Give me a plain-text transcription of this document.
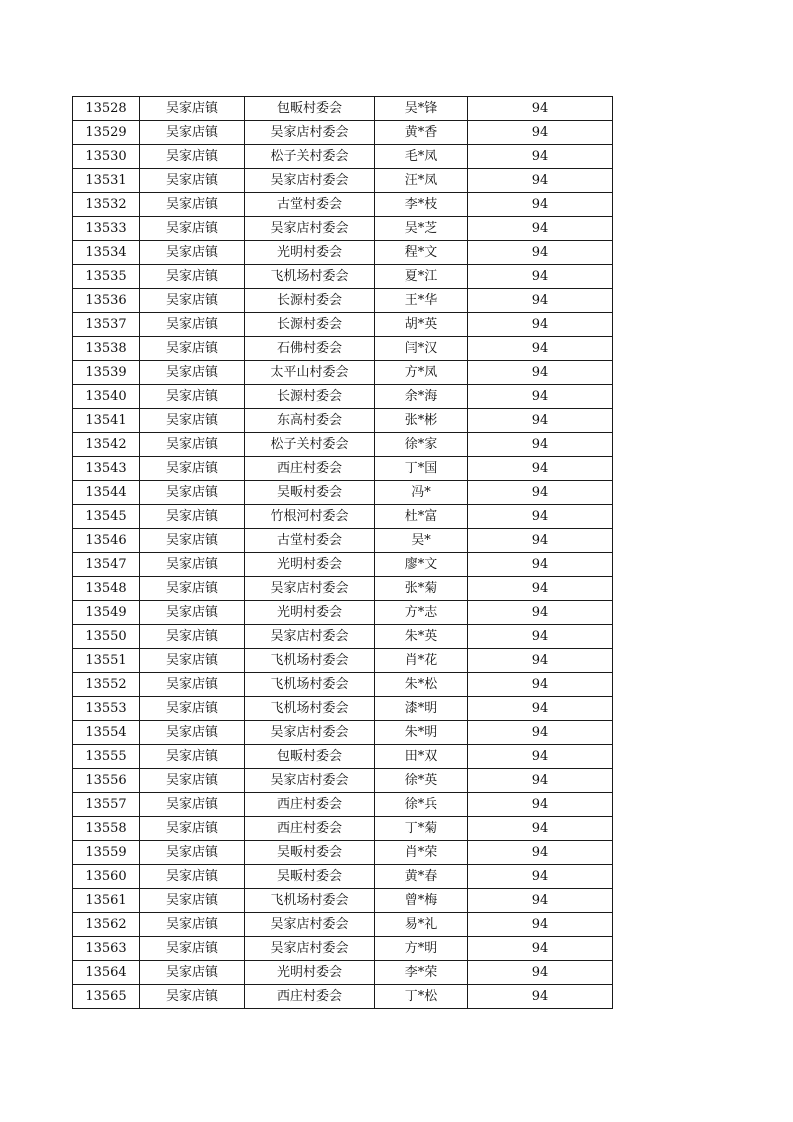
13528	吴家店镇	包畈村委会	吴*锋	94
13529	吴家店镇	吴家店村委会	黄*香	94
13530	吴家店镇	松子关村委会	毛*凤	94
13531	吴家店镇	吴家店村委会	汪*凤	94
13532	吴家店镇	古堂村委会	李*枝	94
13533	吴家店镇	吴家店村委会	吴*芝	94
13534	吴家店镇	光明村委会	程*文	94
13535	吴家店镇	飞机场村委会	夏*江	94
13536	吴家店镇	长源村委会	王*华	94
13537	吴家店镇	长源村委会	胡*英	94
13538	吴家店镇	石佛村委会	闫*汉	94
13539	吴家店镇	太平山村委会	方*凤	94
13540	吴家店镇	长源村委会	余*海	94
13541	吴家店镇	东高村委会	张*彬	94
13542	吴家店镇	松子关村委会	徐*家	94
13543	吴家店镇	西庄村委会	丁*国	94
13544	吴家店镇	吴畈村委会	冯*	94
13545	吴家店镇	竹根河村委会	杜*富	94
13546	吴家店镇	古堂村委会	吴*	94
13547	吴家店镇	光明村委会	廖*文	94
13548	吴家店镇	吴家店村委会	张*菊	94
13549	吴家店镇	光明村委会	方*志	94
13550	吴家店镇	吴家店村委会	朱*英	94
13551	吴家店镇	飞机场村委会	肖*花	94
13552	吴家店镇	飞机场村委会	朱*松	94
13553	吴家店镇	飞机场村委会	漆*明	94
13554	吴家店镇	吴家店村委会	朱*明	94
13555	吴家店镇	包畈村委会	田*双	94
13556	吴家店镇	吴家店村委会	徐*英	94
13557	吴家店镇	西庄村委会	徐*兵	94
13558	吴家店镇	西庄村委会	丁*菊	94
13559	吴家店镇	吴畈村委会	肖*荣	94
13560	吴家店镇	吴畈村委会	黄*春	94
13561	吴家店镇	飞机场村委会	曾*梅	94
13562	吴家店镇	吴家店村委会	易*礼	94
13563	吴家店镇	吴家店村委会	方*明	94
13564	吴家店镇	光明村委会	李*荣	94
13565	吴家店镇	西庄村委会	丁*松	94
